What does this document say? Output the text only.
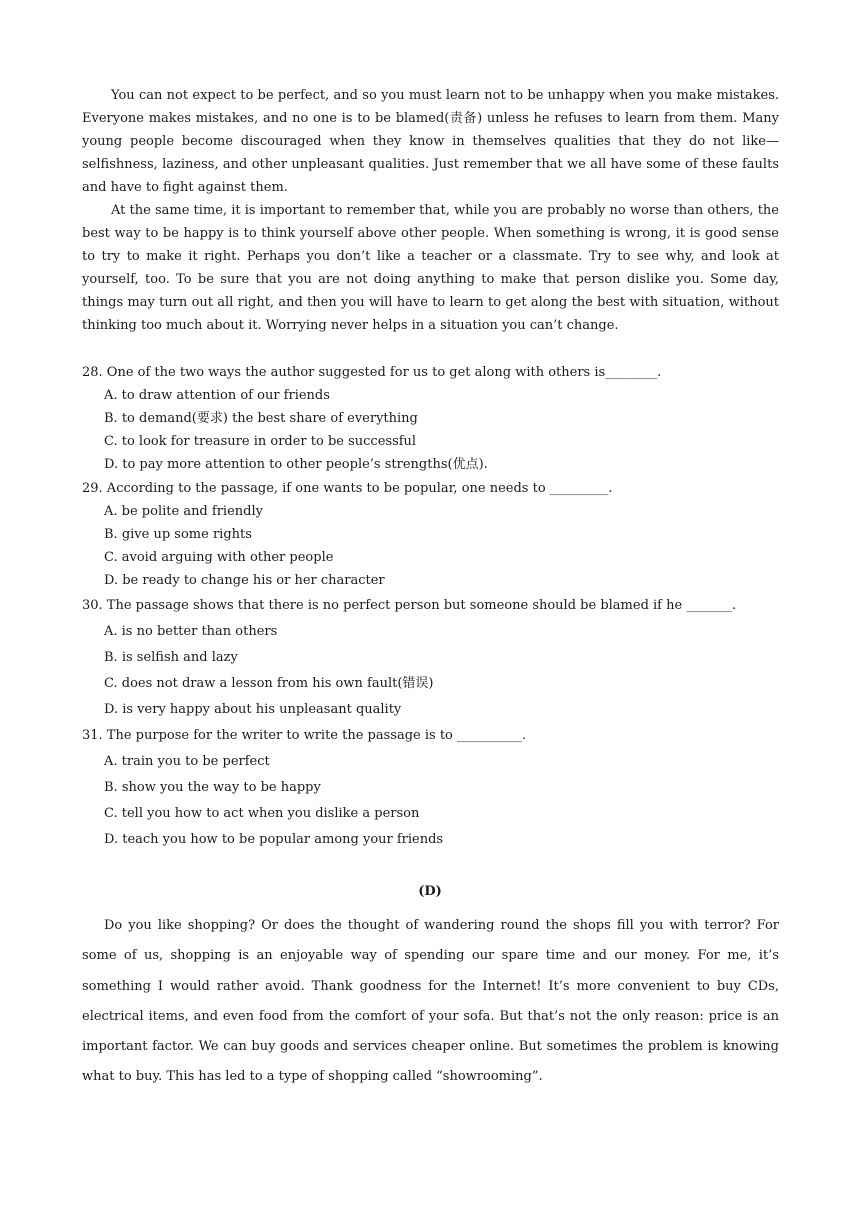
You can not expect to be perfect, and so you must learn not to be unhappy when you make mistakes. Everyone makes mistakes, and no one is to be blamed(责备) unless he refuses to learn from them. Many young people become discouraged when they know in themselves qualities that they do not like—selfishness, laziness, and other unpleasant qualities. Just remember that we all have some of these faults and have to fight against them.

At the same time, it is important to remember that, while you are probably no worse than others, the best way to be happy is to think yourself above other people. When something is wrong, it is good sense to try to make it right. Perhaps you don’t like a teacher or a classmate. Try to see why, and look at yourself, too. To be sure that you are not doing anything to make that person dislike you. Some day, things may turn out all right, and then you will have to learn to get along the best with situation, without thinking too much about it. Worrying never helps in a situation you can’t change.

28. One of the two ways the author suggested for us to get along with others is________.

A. to draw attention of our friends

B. to demand(要求) the best share of everything

C. to look for treasure in order to be successful

D. to pay more attention to other people’s strengths(优点).

29. According to the passage, if one wants to be popular, one needs to _________.

A. be polite and friendly

B. give up some rights

C. avoid arguing with other people

D. be ready to change his or her character

30. The passage shows that there is no perfect person but someone should be blamed if he _______.

A. is no better than others

B. is selfish and lazy

C. does not draw a lesson from his own fault(错误)

D. is very happy about his unpleasant quality

31. The purpose for the writer to write the passage is to __________.

A. train you to be perfect

B. show you the way to be happy

C. tell you how to act when you dislike a person

D. teach you how to be popular among your friends

(D)

Do you like shopping? Or does the thought of wandering round the shops fill you with terror? For some of us, shopping is an enjoyable way of spending our spare time and our money. For me, it’s something I would rather avoid. Thank goodness for the Internet! It’s more convenient to buy CDs, electrical items, and even food from the comfort of your sofa. But that’s not the only reason: price is an important factor. We can buy goods and services cheaper online. But sometimes the problem is knowing what to buy. This has led to a type of shopping called “showrooming”.
